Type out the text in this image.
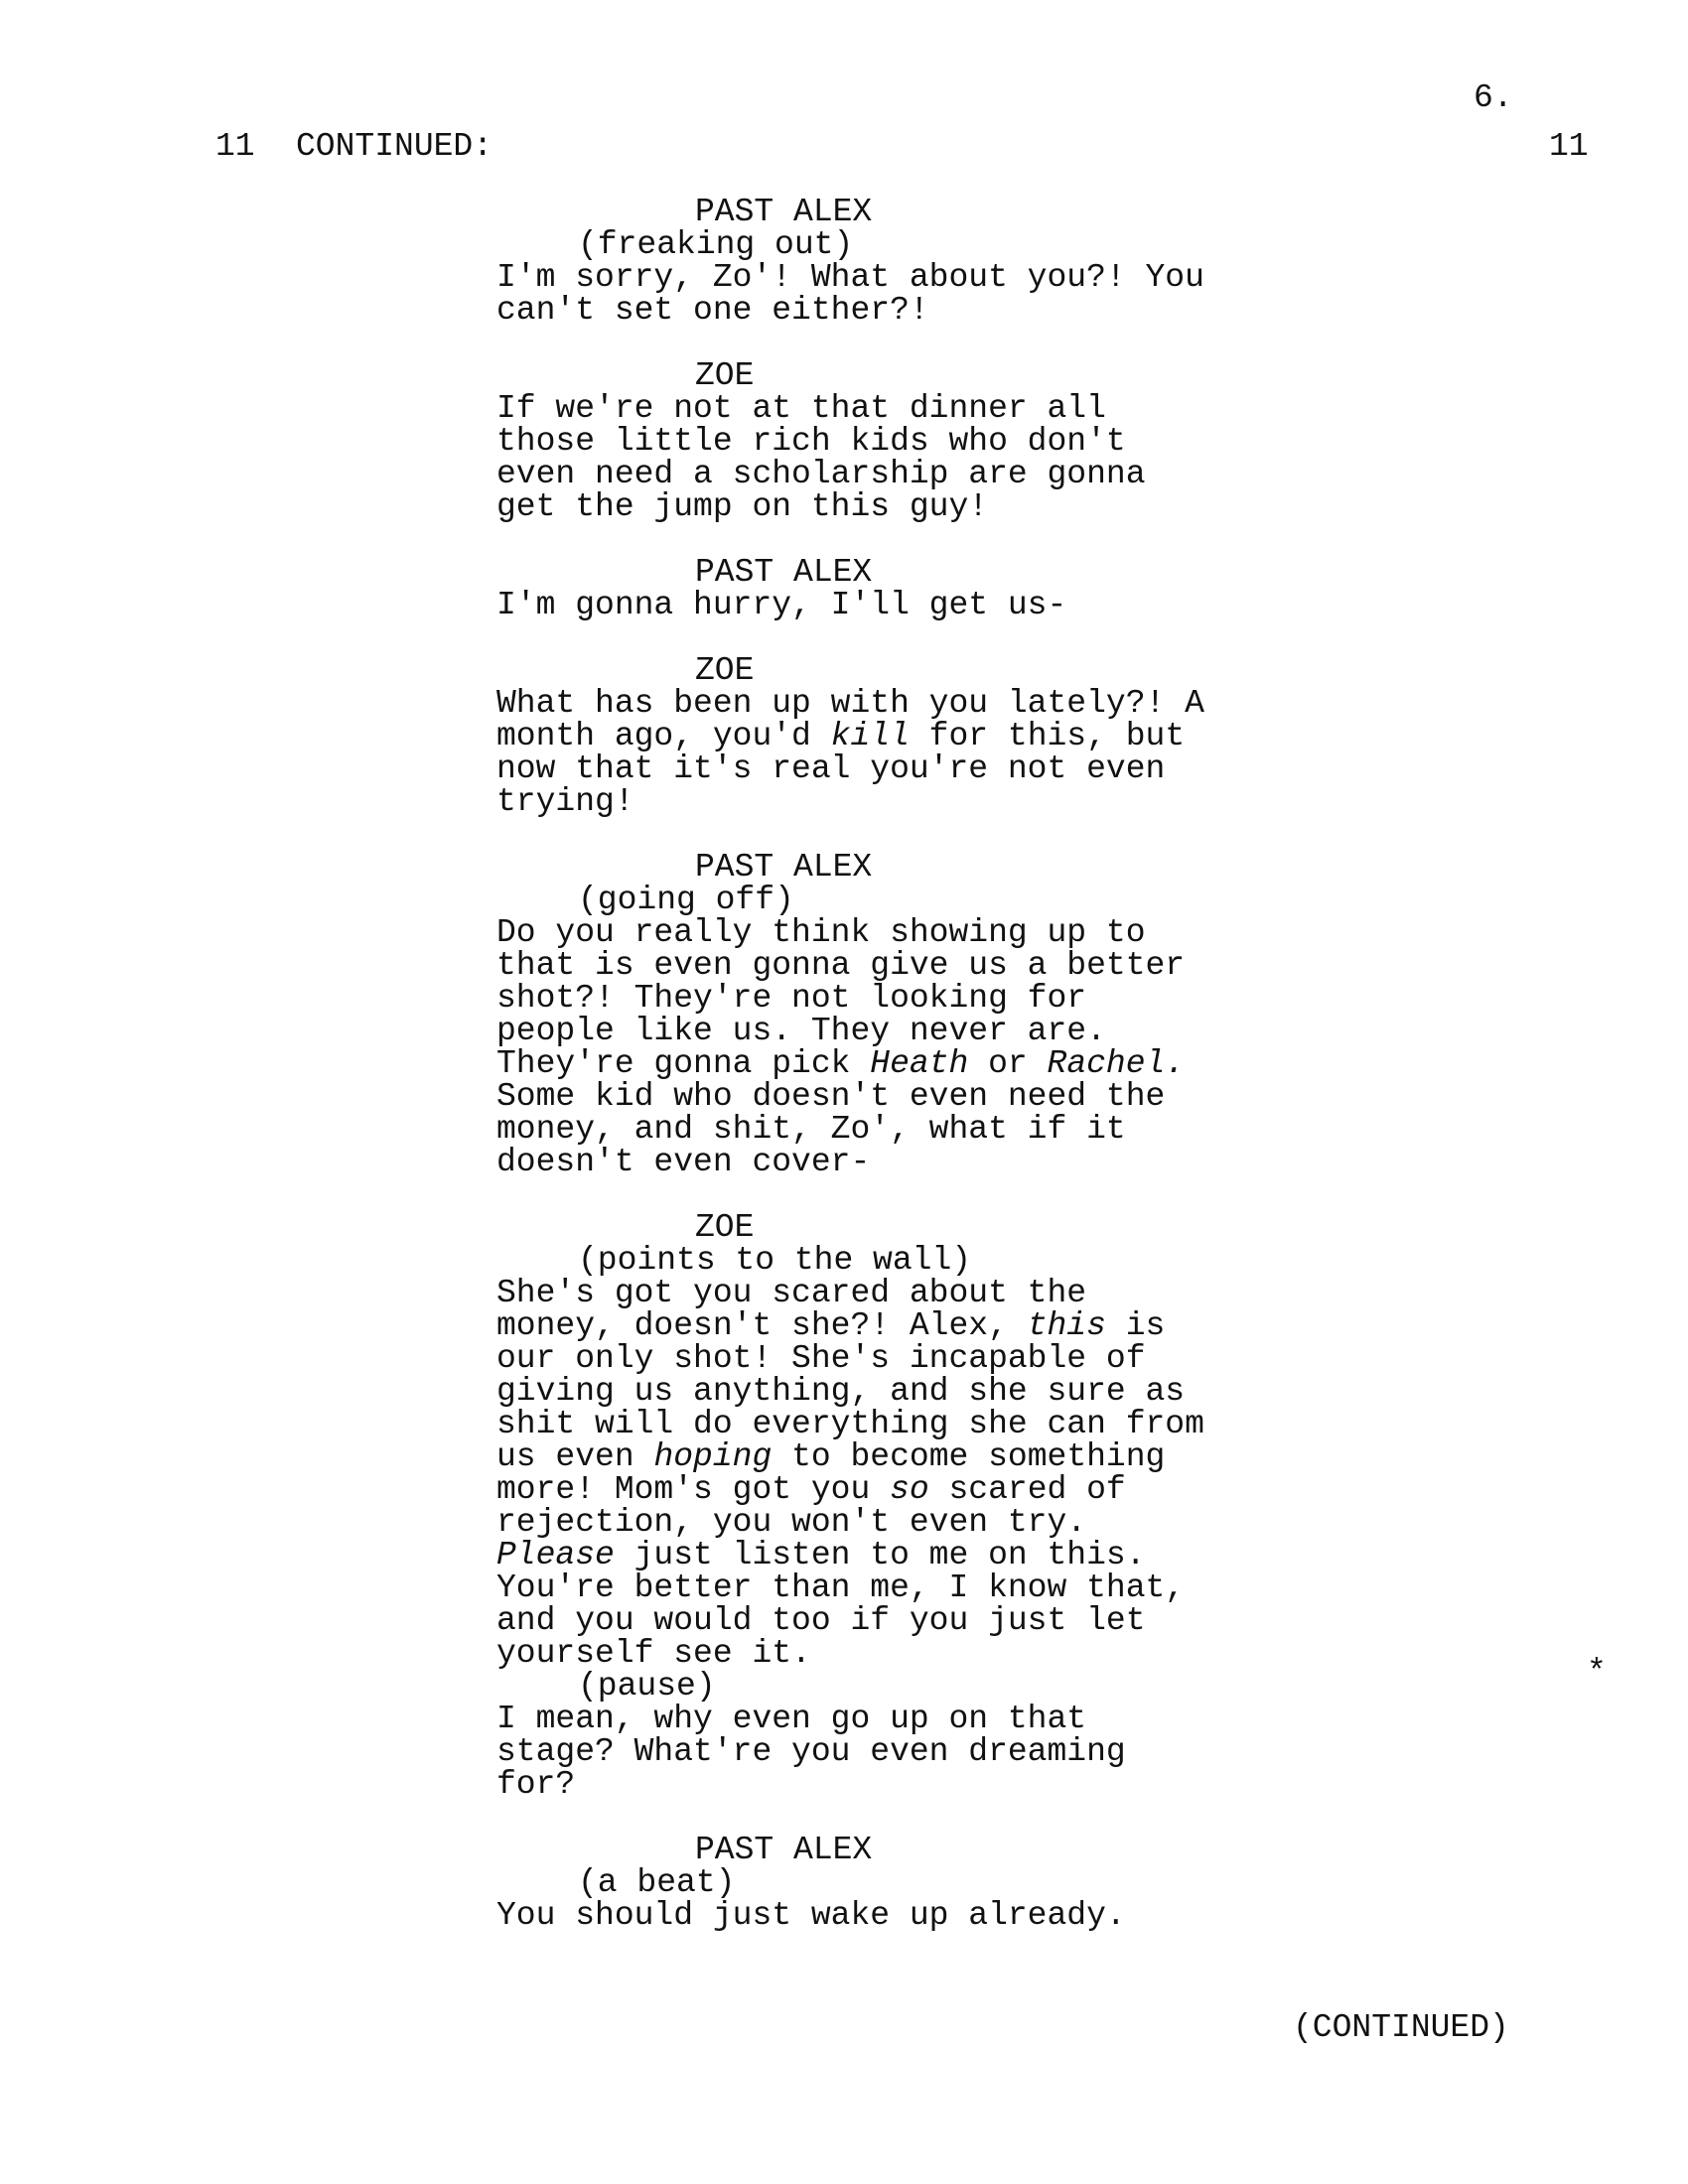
6.
11 CONTINUED:	11
PAST ALEX
(freaking out)
I'm sorry, Zo'! What about you?! You
can't set one either?!
ZOE
If we're not at that dinner all
those little rich kids who don't
even need a scholarship are gonna
get the jump on this guy!
PAST ALEX
I'm gonna hurry, I'll get us-
ZOE
What has been up with you lately?! A
month ago, you'd kill for this, but
now that it's real you're not even
trying!
PAST ALEX
(going off)
Do you really think showing up to
that is even gonna give us a better
shot?! They're not looking for
people like us. They never are.
They're gonna pick Heath or Rachel.
Some kid who doesn't even need the
money, and shit, Zo', what if it
doesn't even cover-
ZOE
(points to the wall)
She's got you scared about the
money, doesn't she?! Alex, this is
our only shot! She's incapable of
giving us anything, and she sure as
shit will do everything she can from
us even hoping to become something
more! Mom's got you so scared of
rejection, you won't even try.
Please just listen to me on this.
You're better than me, I know that,
and you would too if you just let
yourself see it.
(pause)
I mean, why even go up on that
stage? What're you even dreaming
for?
PAST ALEX
(a beat)
You should just wake up already.
*
(CONTINUED)
